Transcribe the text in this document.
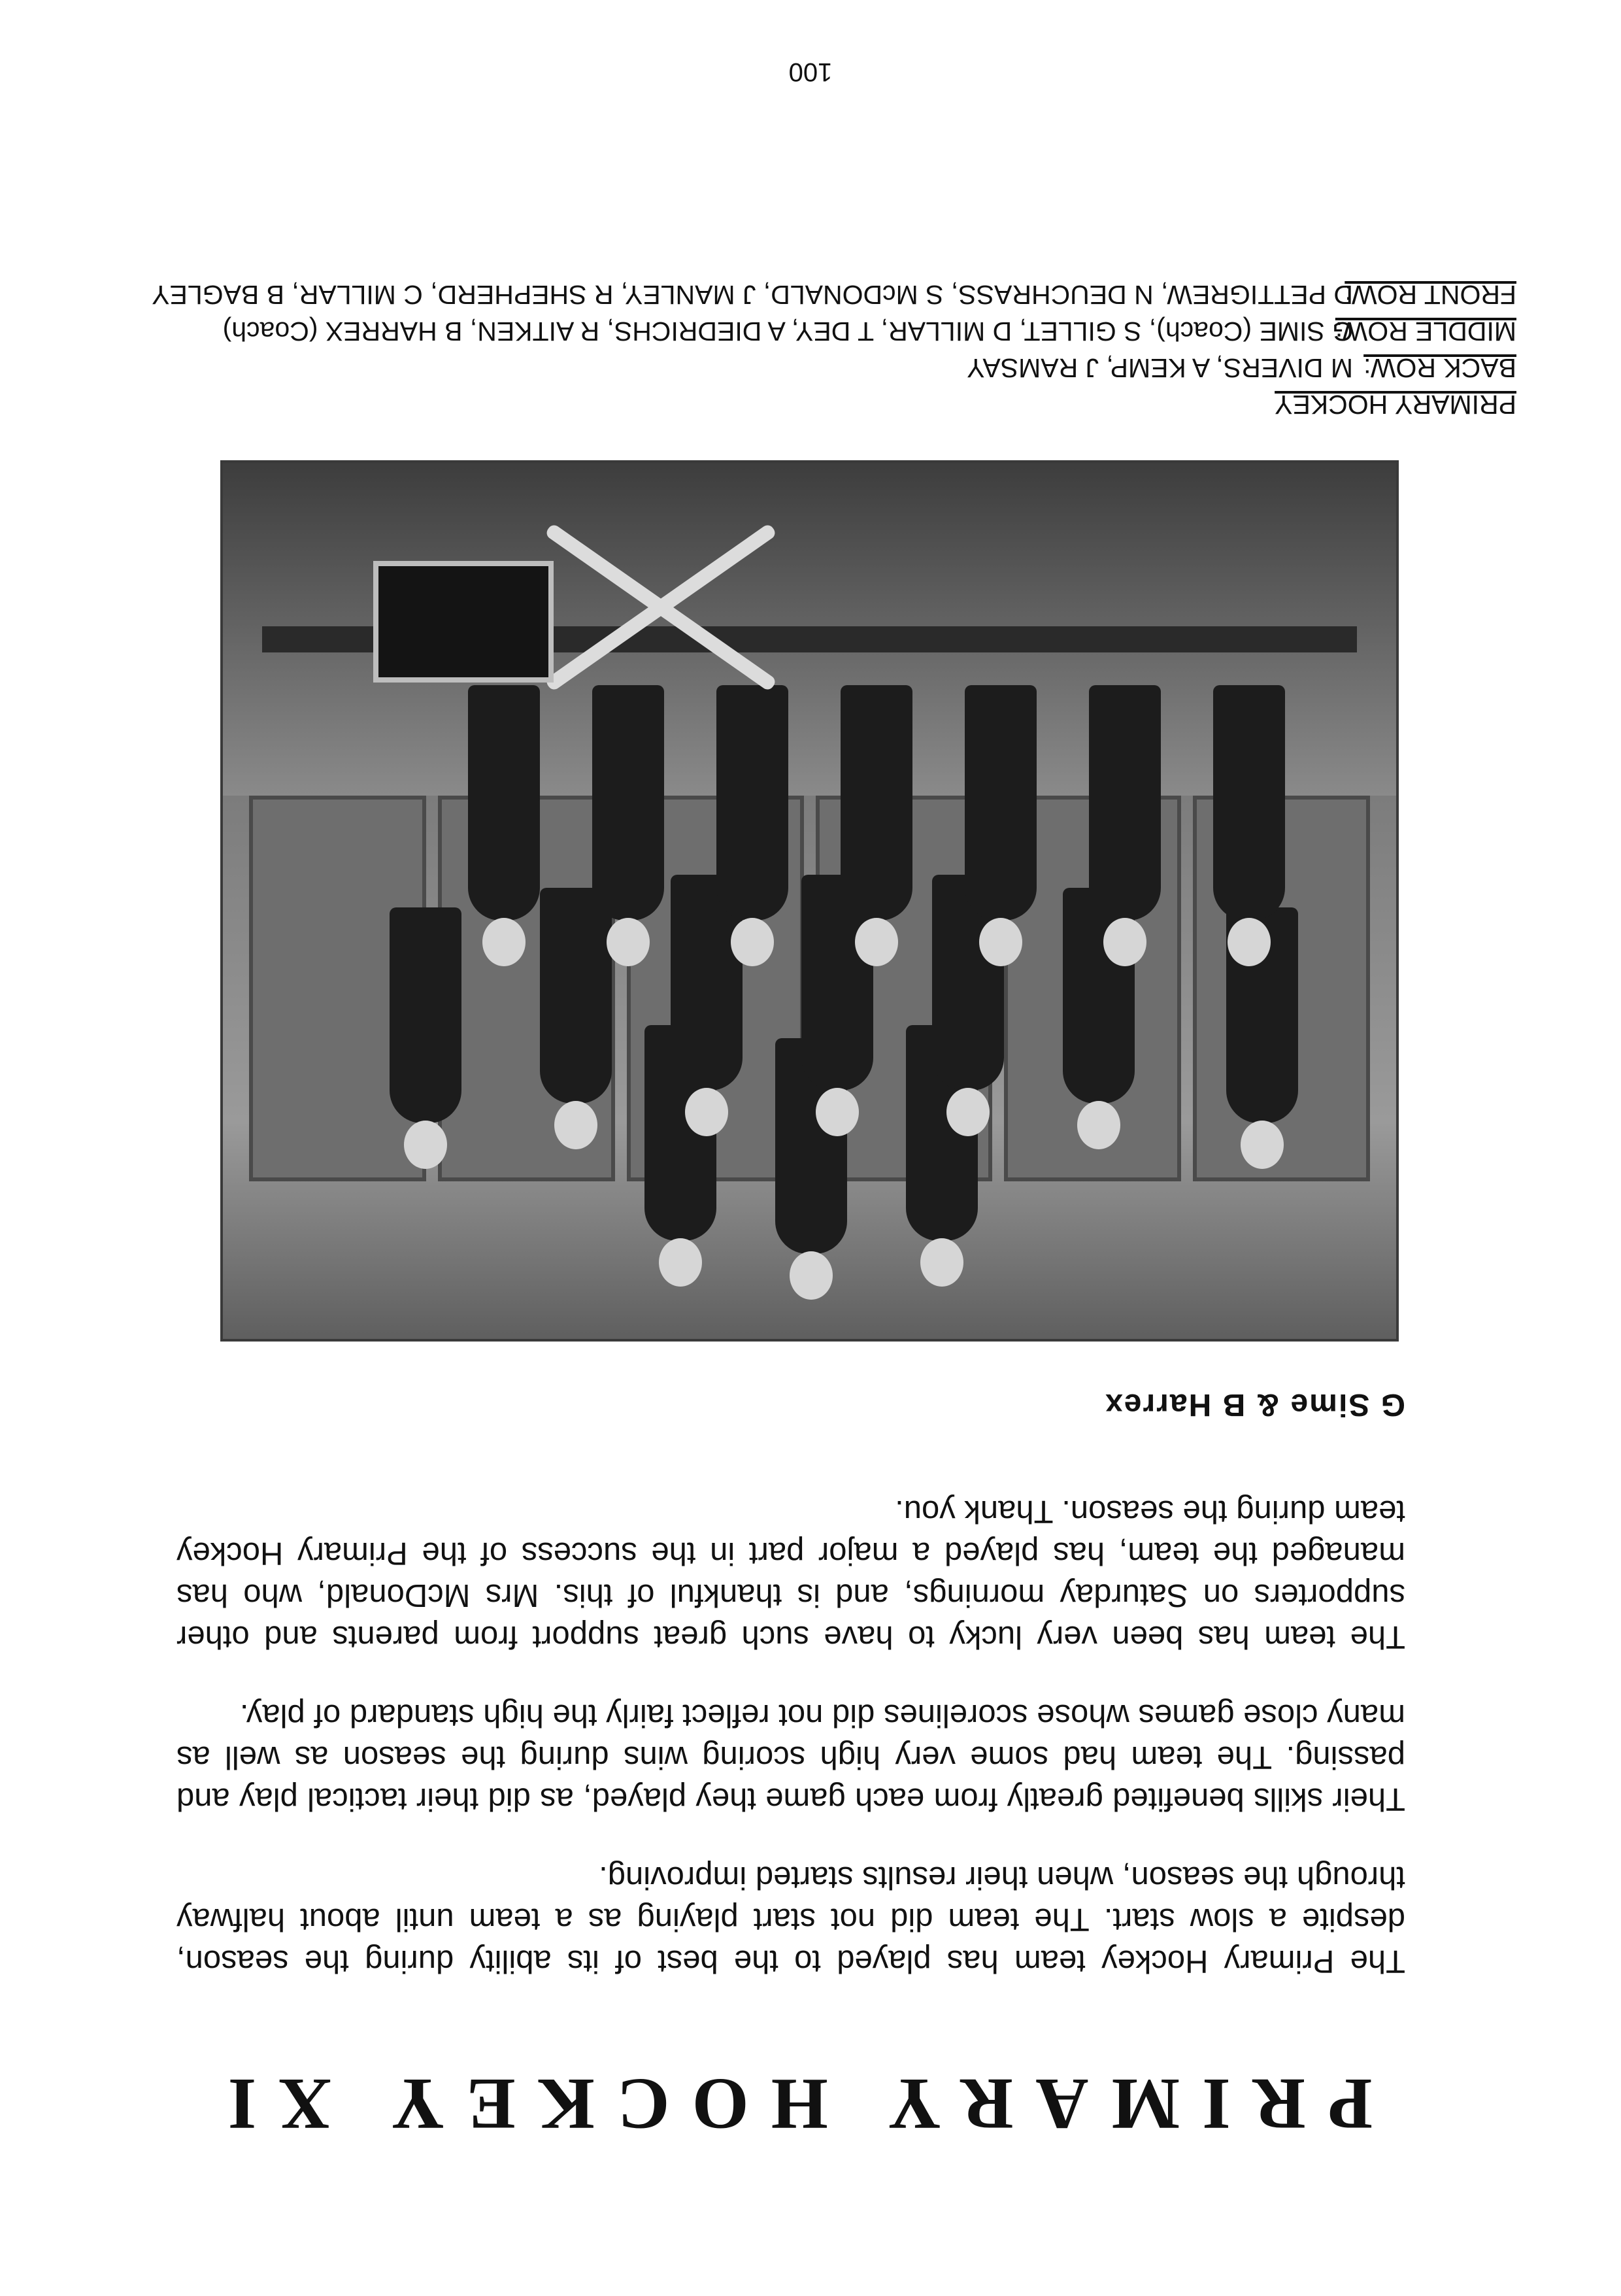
PRIMARY HOCKEY XI

The Primary Hockey team has played to the best of its ability during the season, despite a slow start. The team did not start playing as a team until about halfway through the season, when their results started improving.

Their skills benefited greatly from each game they played, as did their tactical play and passing. The team had some very high scoring wins during the season as well as many close games whose scorelines did not reflect fairly the high standard of play.

The team has been very lucky to have such great support from parents and other supporters on Saturday mornings, and is thankful of this. Mrs McDonald, who has managed the team, has played a major part in the success of the Primary Hockey team during the season. Thank you.

G Sime & B Harrex

PRIMARY HOCKEY

BACK ROW:
M DIVERS, A KEMP, J RAMSAY
MIDDLE ROW:
G SIME (Coach), S GILLET, D MILLAR, T DEY, A DIEDRICHS, R AITKEN, B HARREX (Coach)
FRONT ROW:
D PETTIGREW, N DEUCHRASS, S McDONALD, J MANLEY, R SHEPHERD, C MILLAR, B BAGLEY
100
